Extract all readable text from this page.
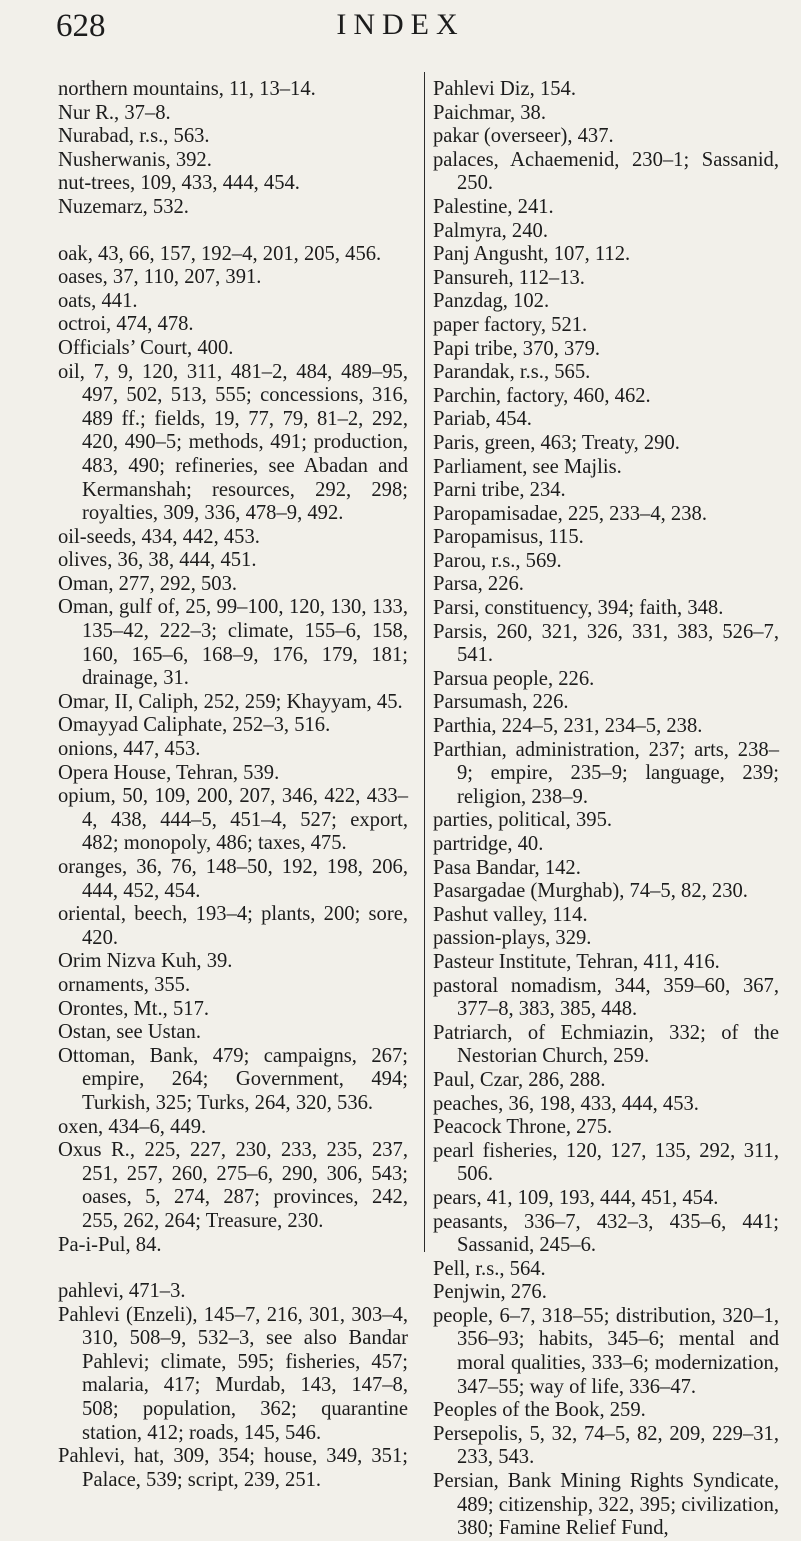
INDEX
628
northern mountains, 11, 13–14.
Nur R., 37–8.
Nurabad, r.s., 563.
Nusherwanis, 392.
nut-trees, 109, 433, 444, 454.
Nuzemarz, 532.
oak, 43, 66, 157, 192–4, 201, 205, 456.
oases, 37, 110, 207, 391.
oats, 441.
octroi, 474, 478.
Officials’ Court, 400.
oil, 7, 9, 120, 311, 481–2, 484, 489–95, 497, 502, 513, 555; concessions, 316, 489 ff.; fields, 19, 77, 79, 81–2, 292, 420, 490–5; methods, 491; production, 483, 490; refineries, see Abadan and Kermanshah; resources, 292, 298; royalties, 309, 336, 478–9, 492.
oil-seeds, 434, 442, 453.
olives, 36, 38, 444, 451.
Oman, 277, 292, 503.
Oman, gulf of, 25, 99–100, 120, 130, 133, 135–42, 222–3; climate, 155–6, 158, 160, 165–6, 168–9, 176, 179, 181; drainage, 31.
Omar, II, Caliph, 252, 259; Khayyam, 45.
Omayyad Caliphate, 252–3, 516.
onions, 447, 453.
Opera House, Tehran, 539.
opium, 50, 109, 200, 207, 346, 422, 433–4, 438, 444–5, 451–4, 527; export, 482; monopoly, 486; taxes, 475.
oranges, 36, 76, 148–50, 192, 198, 206, 444, 452, 454.
oriental, beech, 193–4; plants, 200; sore, 420.
Orim Nizva Kuh, 39.
ornaments, 355.
Orontes, Mt., 517.
Ostan, see Ustan.
Ottoman, Bank, 479; campaigns, 267; empire, 264; Government, 494; Turkish, 325; Turks, 264, 320, 536.
oxen, 434–6, 449.
Oxus R., 225, 227, 230, 233, 235, 237, 251, 257, 260, 275–6, 290, 306, 543; oases, 5, 274, 287; provinces, 242, 255, 262, 264; Treasure, 230.
Pa-i-Pul, 84.
pahlevi, 471–3.
Pahlevi (Enzeli), 145–7, 216, 301, 303–4, 310, 508–9, 532–3, see also Bandar Pahlevi; climate, 595; fisheries, 457; malaria, 417; Murdab, 143, 147–8, 508; population, 362; quarantine station, 412; roads, 145, 546.
Pahlevi, hat, 309, 354; house, 349, 351; Palace, 539; script, 239, 251.
Pahlevi Diz, 154.
Paichmar, 38.
pakar (overseer), 437.
palaces, Achaemenid, 230–1; Sassanid, 250.
Palestine, 241.
Palmyra, 240.
Panj Angusht, 107, 112.
Pansureh, 112–13.
Panzdag, 102.
paper factory, 521.
Papi tribe, 370, 379.
Parandak, r.s., 565.
Parchin, factory, 460, 462.
Pariab, 454.
Paris, green, 463; Treaty, 290.
Parliament, see Majlis.
Parni tribe, 234.
Paropamisadae, 225, 233–4, 238.
Paropamisus, 115.
Parou, r.s., 569.
Parsa, 226.
Parsi, constituency, 394; faith, 348.
Parsis, 260, 321, 326, 331, 383, 526–7, 541.
Parsua people, 226.
Parsumash, 226.
Parthia, 224–5, 231, 234–5, 238.
Parthian, administration, 237; arts, 238–9; empire, 235–9; language, 239; religion, 238–9.
parties, political, 395.
partridge, 40.
Pasa Bandar, 142.
Pasargadae (Murghab), 74–5, 82, 230.
Pashut valley, 114.
passion-plays, 329.
Pasteur Institute, Tehran, 411, 416.
pastoral nomadism, 344, 359–60, 367, 377–8, 383, 385, 448.
Patriarch, of Echmiazin, 332; of the Nestorian Church, 259.
Paul, Czar, 286, 288.
peaches, 36, 198, 433, 444, 453.
Peacock Throne, 275.
pearl fisheries, 120, 127, 135, 292, 311, 506.
pears, 41, 109, 193, 444, 451, 454.
peasants, 336–7, 432–3, 435–6, 441; Sassanid, 245–6.
Pell, r.s., 564.
Penjwin, 276.
people, 6–7, 318–55; distribution, 320–1, 356–93; habits, 345–6; mental and moral qualities, 333–6; modernization, 347–55; way of life, 336–47.
Peoples of the Book, 259.
Persepolis, 5, 32, 74–5, 82, 209, 229–31, 233, 543.
Persian, Bank Mining Rights Syndicate, 489; citizenship, 322, 395; civilization, 380; Famine Relief Fund,
